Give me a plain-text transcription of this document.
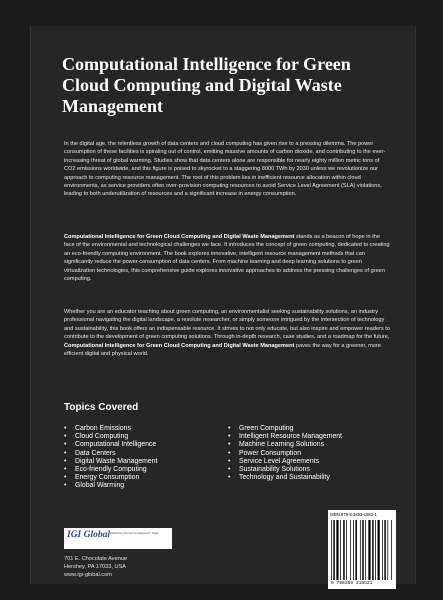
Computational Intelligence for Green Cloud Computing and Digital Waste Management

In the digital age, the relentless growth of data centers and cloud computing has given rise to a pressing dilemma. The power consumption of these facilities is spiraling out of control, emitting massive amounts of carbon dioxide, and contributing to the ever-increasing threat of global warming. Studies show that data centers alone are responsible for nearly eighty million metric tons of CO2 emissions worldwide, and this figure is poised to skyrocket to a staggering 8000 TWh by 2030 unless we revolutionize our approach to computing resource management. The root of this problem lies in inefficient resource allocation within cloud environments, as service providers often over-provision computing resources to avoid Service Level Agreement (SLA) violations, leading to both underutilization of resources and a significant increase in energy consumption.

Computational Intelligence for Green Cloud Computing and Digital Waste Management stands as a beacon of hope in the face of the environmental and technological challenges we face. It introduces the concept of green computing, dedicated to creating an eco-friendly computing environment. The book explores innovative, intelligent resource management methods that can significantly reduce the power consumption of data centers. From machine learning and deep learning solutions to green virtualization technologies, this comprehensive guide explores innovative approaches to address the pressing challenges of green computing.

Whether you are an educator teaching about green computing, an environmentalist seeking sustainability solutions, an industry professional navigating the digital landscape, a resolute researcher, or simply someone intrigued by the intersection of technology and sustainability, this book offers an indispensable resource. It strives to not only educate, but also inspire and empower readers to contribute to the development of green computing solutions. Through in-depth research, case studies, and a roadmap for the future, Computational Intelligence for Green Cloud Computing and Digital Waste Management paves the way for a greener, more efficient digital and physical world.

Topics Covered
• Carbon Emissions
• Cloud Computing
• Computational Intelligence
• Data Centers
• Digital Waste Management
• Eco-friendly Computing
• Energy Consumption
• Global Warming
• Green Computing
• Intelligent Resource Management
• Machine Learning Solutions
• Power Consumption
• Service Level Agreements
• Sustainability Solutions
• Technology and Sustainability
IGI Global Publishing Tomorrow's Research Today
701 E. Chocolate Avenue
Hershey, PA 17033, USA
www.igi-global.com
ISBN 979-8-3693-1552-1
9 798369 315521
